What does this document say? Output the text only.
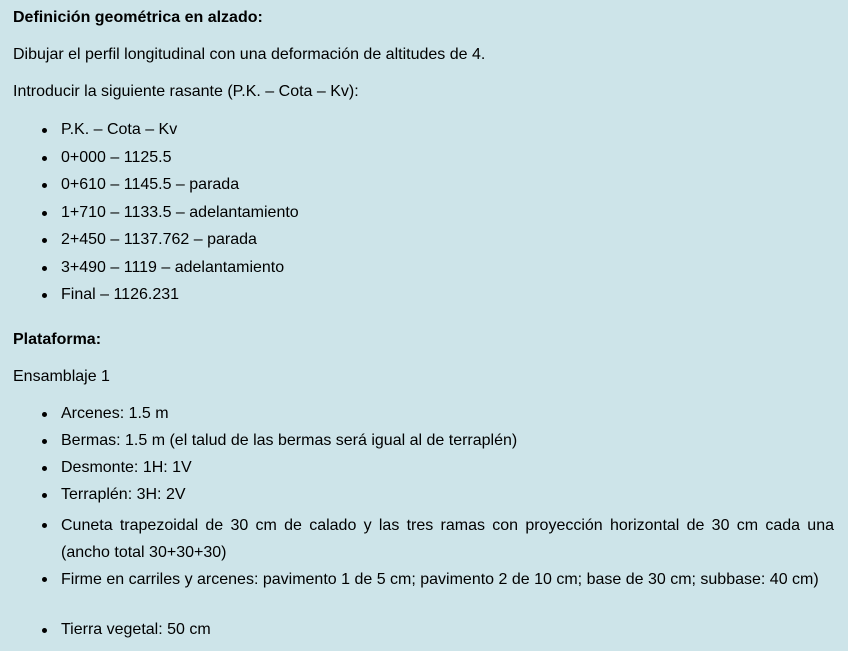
Definición geométrica en alzado:

Dibujar el perfil longitudinal con una deformación de altitudes de 4.

Introducir la siguiente rasante (P.K. – Cota – Kv):

P.K. – Cota – Kv
0+000 – 1125.5
0+610 – 1145.5 – parada
1+710 – 1133.5 – adelantamiento
2+450 – 1137.762 – parada
3+490 – 1119 – adelantamiento
Final – 1126.231

Plataforma:

Ensamblaje 1

Arcenes: 1.5 m
Bermas: 1.5 m (el talud de las bermas será igual al de terraplén)
Desmonte: 1H: 1V
Terraplén: 3H: 2V
Cuneta trapezoidal de 30 cm de calado y las tres ramas con proyección horizontal de 30 cm cada una (ancho total 30+30+30)
Firme en carriles y arcenes: pavimento 1 de 5 cm; pavimento 2 de 10 cm; base de 30 cm; subbase: 40 cm)
Tierra vegetal: 50 cm
